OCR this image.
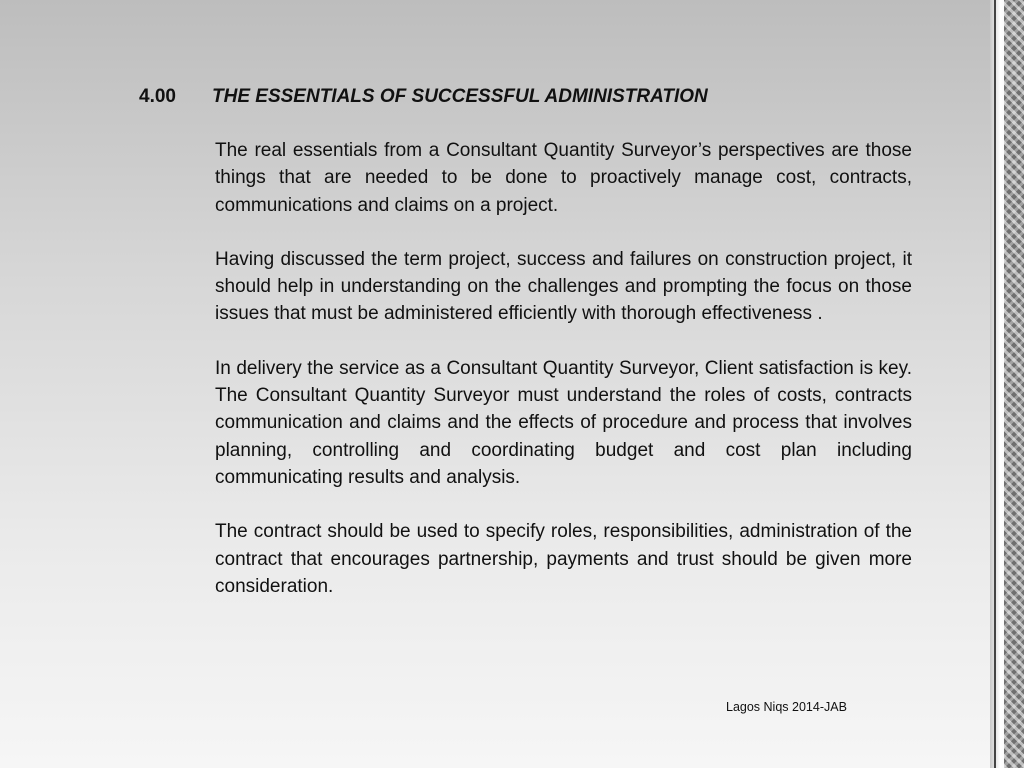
4.00 THE ESSENTIALS OF SUCCESSFUL ADMINISTRATION

The real essentials from a Consultant Quantity Surveyor’s perspectives are those things that are needed to be done to proactively manage cost, contracts, communications and claims on a project.

Having discussed the term project, success and failures on construction project, it should help in understanding on the challenges and prompting the focus on those issues that must be administered efficiently with thorough effectiveness .

In delivery the service as a Consultant Quantity Surveyor, Client satisfaction is key. The Consultant Quantity Surveyor must understand the roles of costs, contracts communication and claims and the effects of procedure and process that involves planning, controlling and coordinating budget and cost plan including communicating results and analysis.

The contract should be used to specify roles, responsibilities, administration of the contract that encourages partnership, payments and trust should be given more consideration.

Lagos Niqs 2014-JAB
